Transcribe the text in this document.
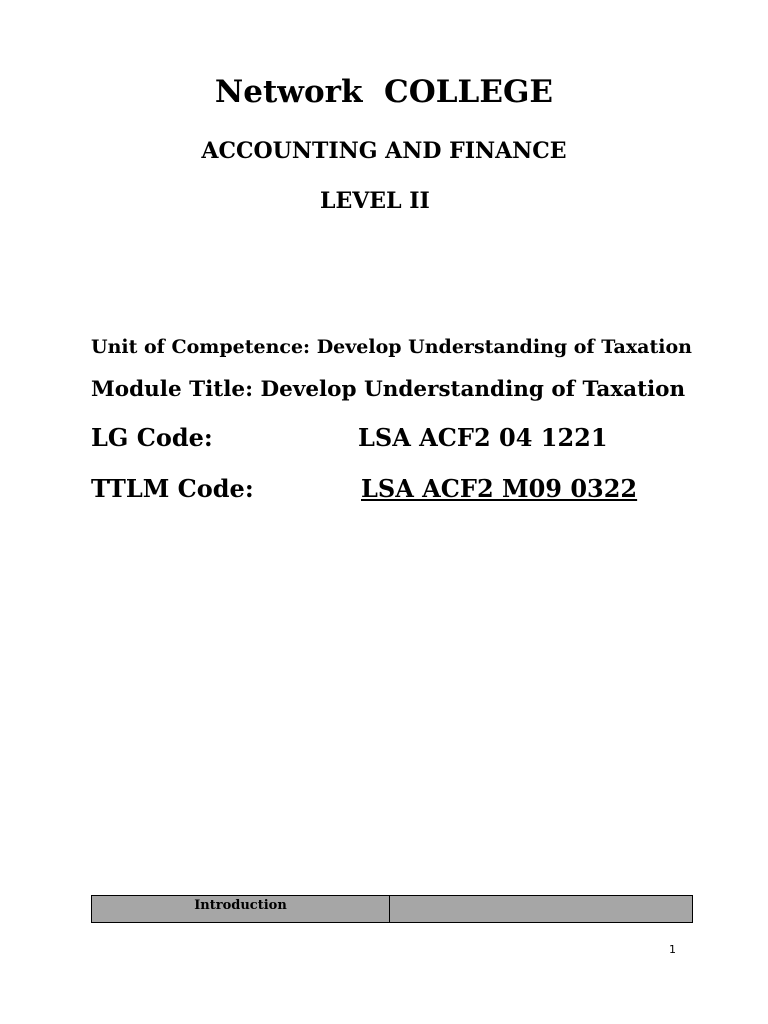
Network  COLLEGE
ACCOUNTING AND FINANCE
LEVEL II
Unit of Competence: Develop Understanding of Taxation
Module Title: Develop Understanding of Taxation
LG Code:	LSA ACF2 04 1221
TTLM Code:	LSA ACF2 M09 0322
Introduction
1
